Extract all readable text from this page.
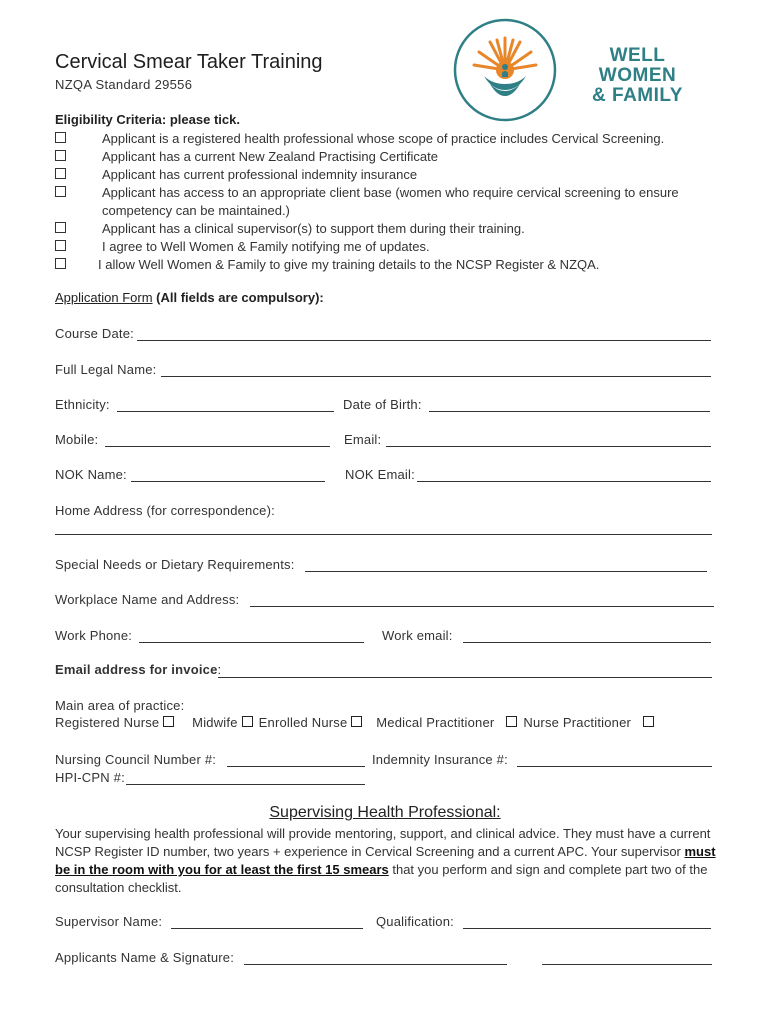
Cervical Smear Taker Training
NZQA Standard 29556
WELL WOMEN
& FAMILY
Eligibility Criteria: please tick.
Applicant is a registered health professional whose scope of practice includes Cervical Screening.
Applicant has a current New Zealand Practising Certificate
Applicant has current professional indemnity insurance
Applicant has access to an appropriate client base (women who require cervical screening to ensure competency can be maintained.)
Applicant has a clinical supervisor(s) to support them during their training.
I agree to Well Women & Family notifying me of updates.
I allow Well Women & Family to give my training details to the NCSP Register & NZQA.
Application Form (All fields are compulsory):
Course Date:
Full Legal Name:
Ethnicity:	Date of Birth:
Mobile:	Email:
NOK Name:	NOK Email:
Home Address (for correspondence):
Special Needs or Dietary Requirements:
Workplace Name and Address:
Work Phone:	Work email:
Email address for invoice:
Main area of practice:
Registered Nurse	Midwife Enrolled Nurse Medical Practitioner Nurse Practitioner
Nursing Council Number #:	Indemnity Insurance #:
HPI-CPN #:
Supervising Health Professional:
Your supervising health professional will provide mentoring, support, and clinical advice. They must have a current NCSP Register ID number, two years + experience in Cervical Screening and a current APC. Your supervisor must be in the room with you for at least the first 15 smears that you perform and sign and complete part two of the consultation checklist.
Supervisor Name:	Qualification:
Applicants Name & Signature:
